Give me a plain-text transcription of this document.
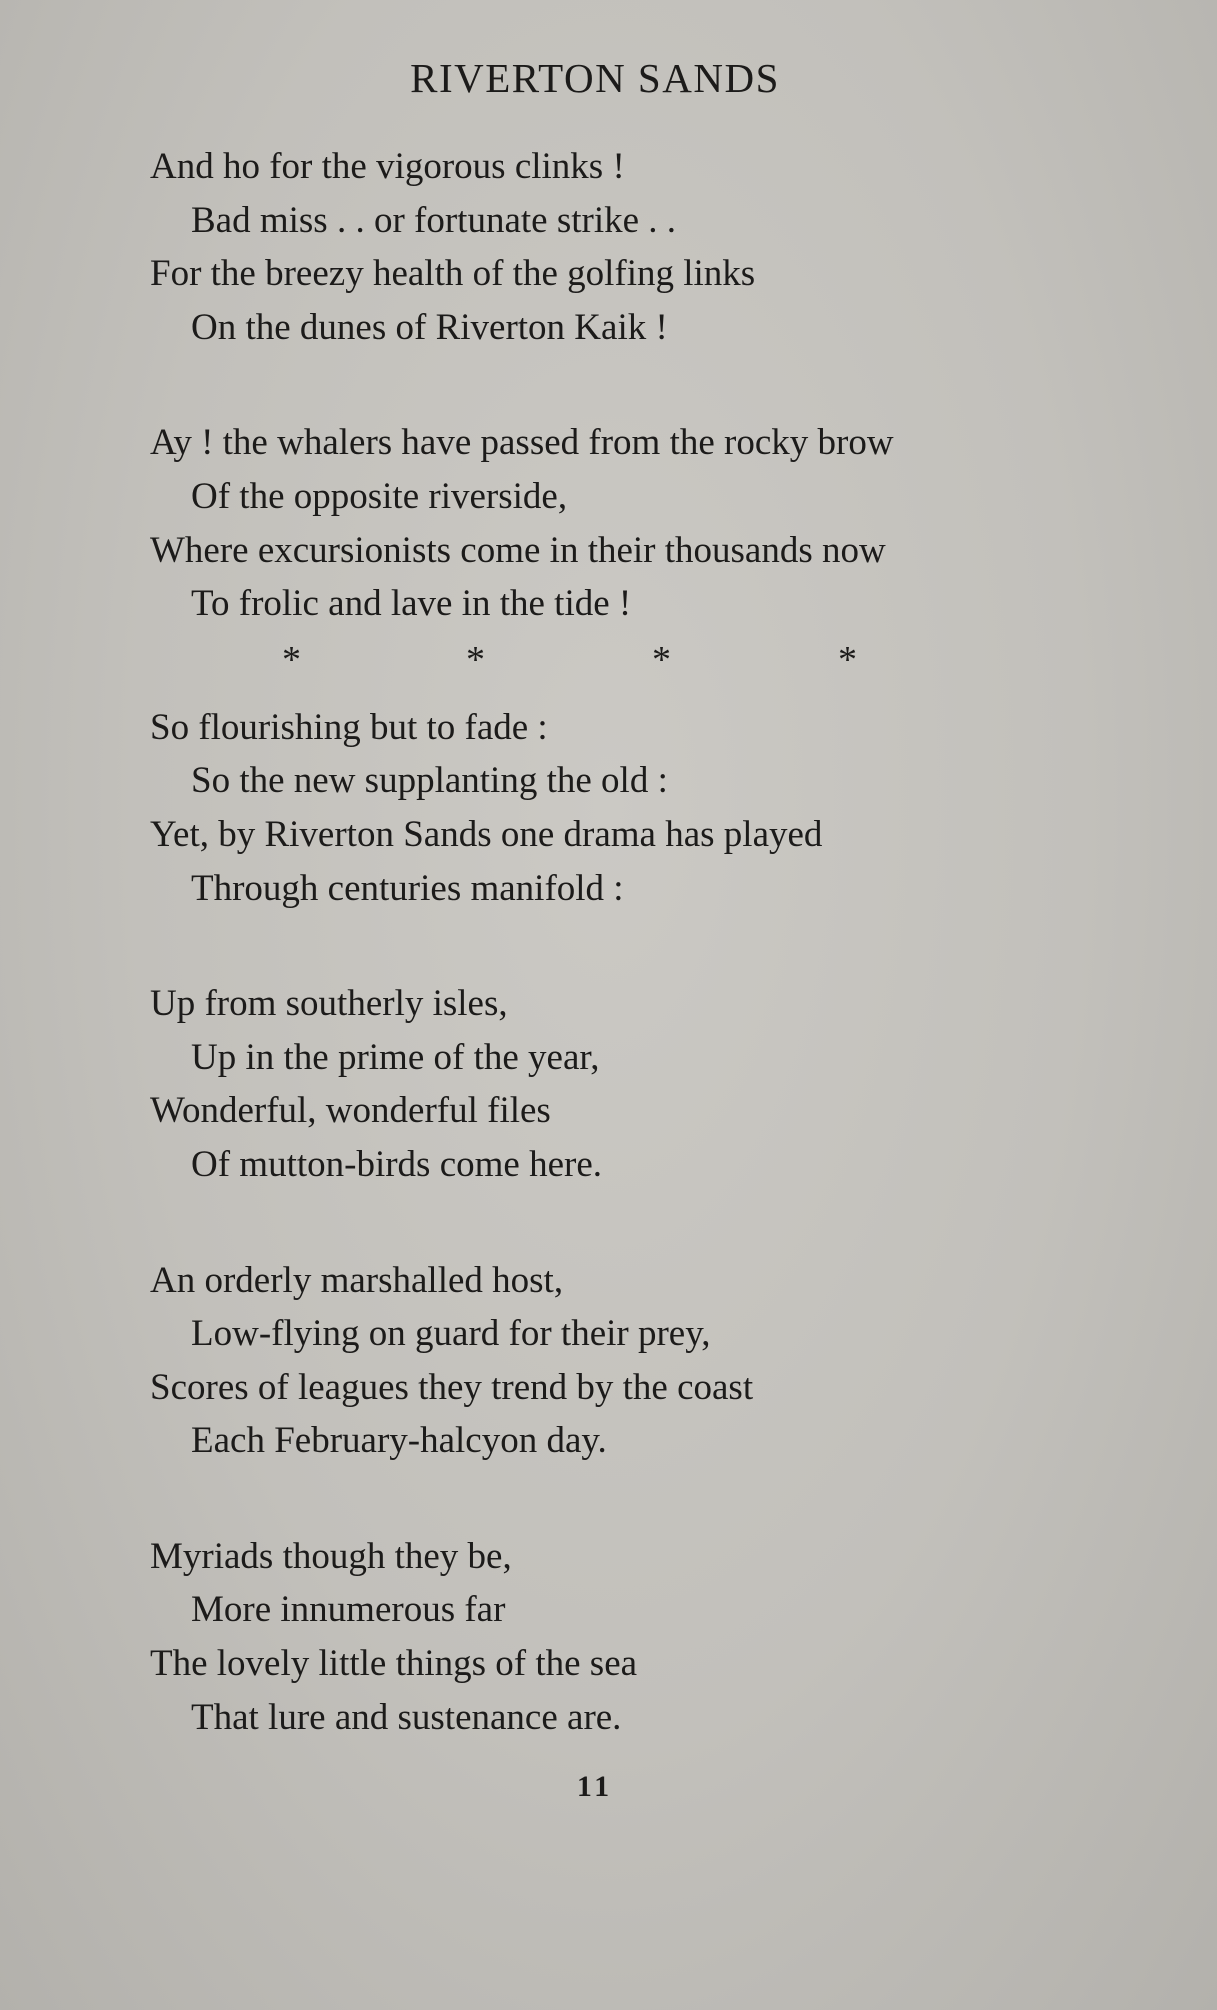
RIVERTON SANDS
And ho for the vigorous clinks !
Bad miss . . or fortunate strike . .
For the breezy health of the golfing links
On the dunes of Riverton Kaik !
Ay ! the whalers have passed from the rocky brow
Of the opposite riverside,
Where excursionists come in their thousands now
To frolic and lave in the tide !
*	*	*	*
So flourishing but to fade :
So the new supplanting the old :
Yet, by Riverton Sands one drama has played
Through centuries manifold :
Up from southerly isles,
Up in the prime of the year,
Wonderful, wonderful files
Of mutton-birds come here.
An orderly marshalled host,
Low-flying on guard for their prey,
Scores of leagues they trend by the coast
Each February-halcyon day.
Myriads though they be,
More innumerous far
The lovely little things of the sea
That lure and sustenance are.
11
